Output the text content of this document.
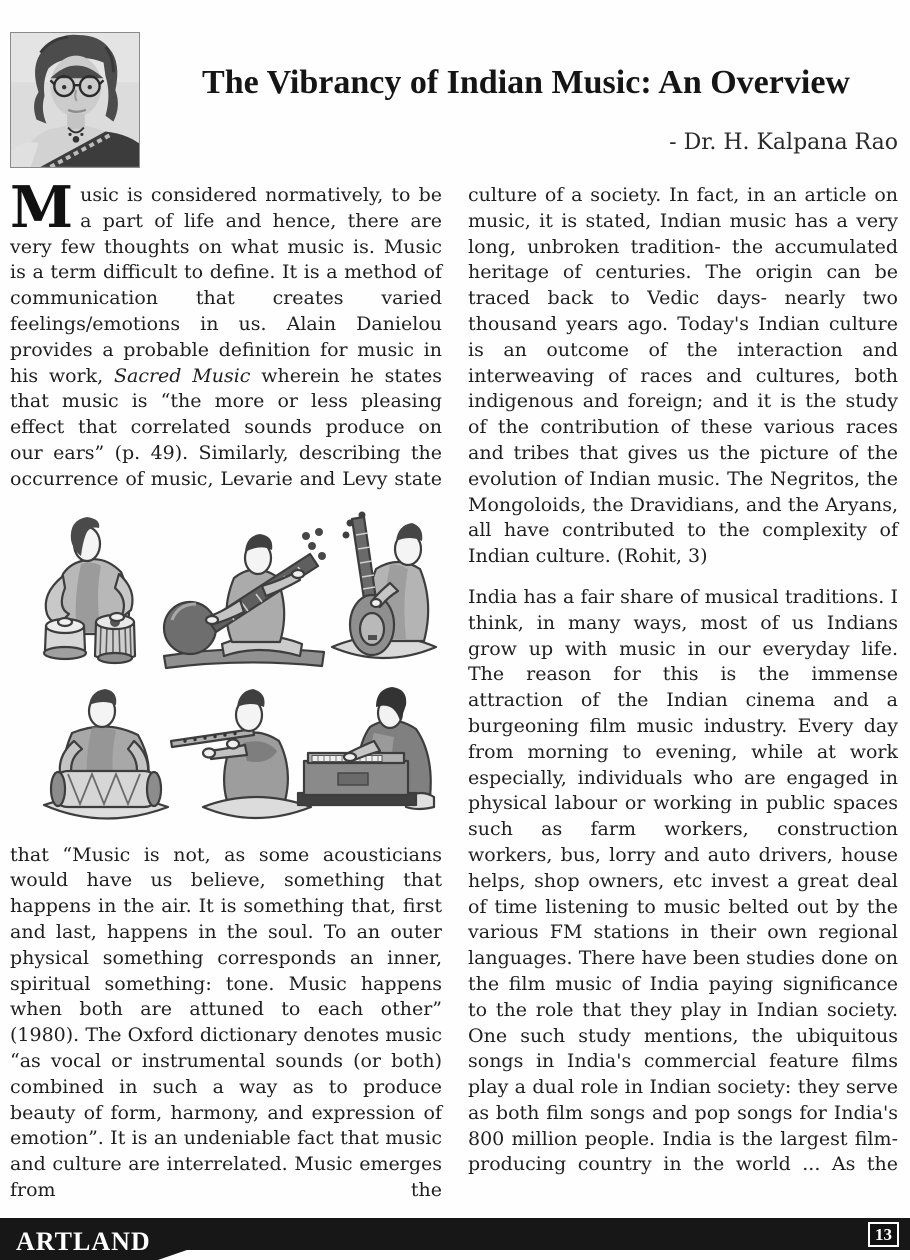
The Vibrancy of Indian Music: An Overview
- Dr. H. Kalpana Rao

Music is considered normatively, to be a part of life and hence, there are very few thoughts on what music is. Music is a term difficult to define. It is a method of communication that creates varied feelings/emotions in us. Alain Danielou provides a probable definition for music in his work, Sacred Music wherein he states that music is “the more or less pleasing effect that correlated sounds produce on our ears” (p. 49). Similarly, describing the occurrence of music, Levarie and Levy state

that “Music is not, as some acousticians would have us believe, something that happens in the air. It is something that, first and last, happens in the soul. To an outer physical something corresponds an inner, spiritual something: tone. Music happens when both are attuned to each other” (1980). The Oxford dictionary denotes music “as vocal or instrumental sounds (or both) combined in such a way as to produce beauty of form, harmony, and expression of emotion”. It is an undeniable fact that music and culture are interrelated. Music emerges from the

culture of a society. In fact, in an article on music, it is stated, Indian music has a very long, unbroken tradition- the accumulated heritage of centuries. The origin can be traced back to Vedic days- nearly two thousand years ago. Today's Indian culture is an outcome of the interaction and interweaving of races and cultures, both indigenous and foreign; and it is the study of the contribution of these various races and tribes that gives us the picture of the evolution of Indian music. The Negritos, the Mongoloids, the Dravidians, and the Aryans, all have contributed to the complexity of Indian culture. (Rohit, 3)

India has a fair share of musical traditions. I think, in many ways, most of us Indians grow up with music in our everyday life. The reason for this is the immense attraction of the Indian cinema and a burgeoning film music industry. Every day from morning to evening, while at work especially, individuals who are engaged in physical labour or working in public spaces such as farm workers, construction workers, bus, lorry and auto drivers, house helps, shop owners, etc invest a great deal of time listening to music belted out by the various FM stations in their own regional languages. There have been studies done on the film music of India paying significance to the role that they play in Indian society. One such study mentions, the ubiquitous songs in India's commercial feature films play a dual role in Indian society: they serve as both film songs and pop songs for India's 800 million people. India is the largest film-producing country in the world ... As the

ARTLAND	13
